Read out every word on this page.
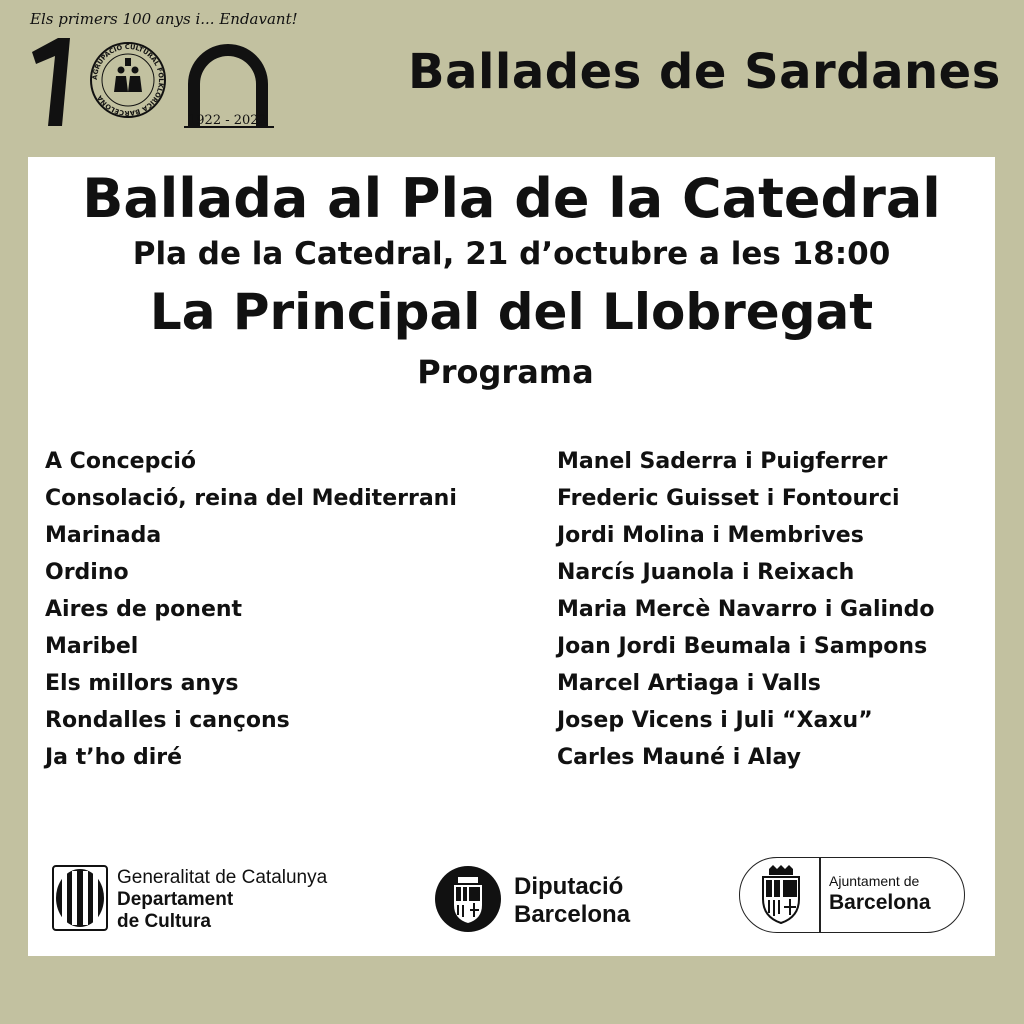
Els primers 100 anys i... Endavant!
AGRUPACIÓ CULTURAL FOLKLÒRICA BARCELONA
1922 - 2022
Ballades de Sardanes
Ballada al Pla de la Catedral
Pla de la Catedral, 21 d’octubre a les 18:00
La Principal del Llobregat
Programa
A Concepció
Consolació, reina del Mediterrani
Marinada
Ordino
Aires de ponent
Maribel
Els millors anys
Rondalles i cançons
Ja t’ho diré
Manel Saderra i Puigferrer
Frederic Guisset i Fontourci
Jordi Molina i Membrives
Narcís Juanola i Reixach
Maria Mercè Navarro i Galindo
Joan Jordi Beumala i Sampons
Marcel Artiaga i Valls
Josep Vicens i Juli “Xaxu”
Carles Mauné i Alay
Generalitat de Catalunya
Departament
de Cultura
Diputació
Barcelona
Ajuntament de
Barcelona
